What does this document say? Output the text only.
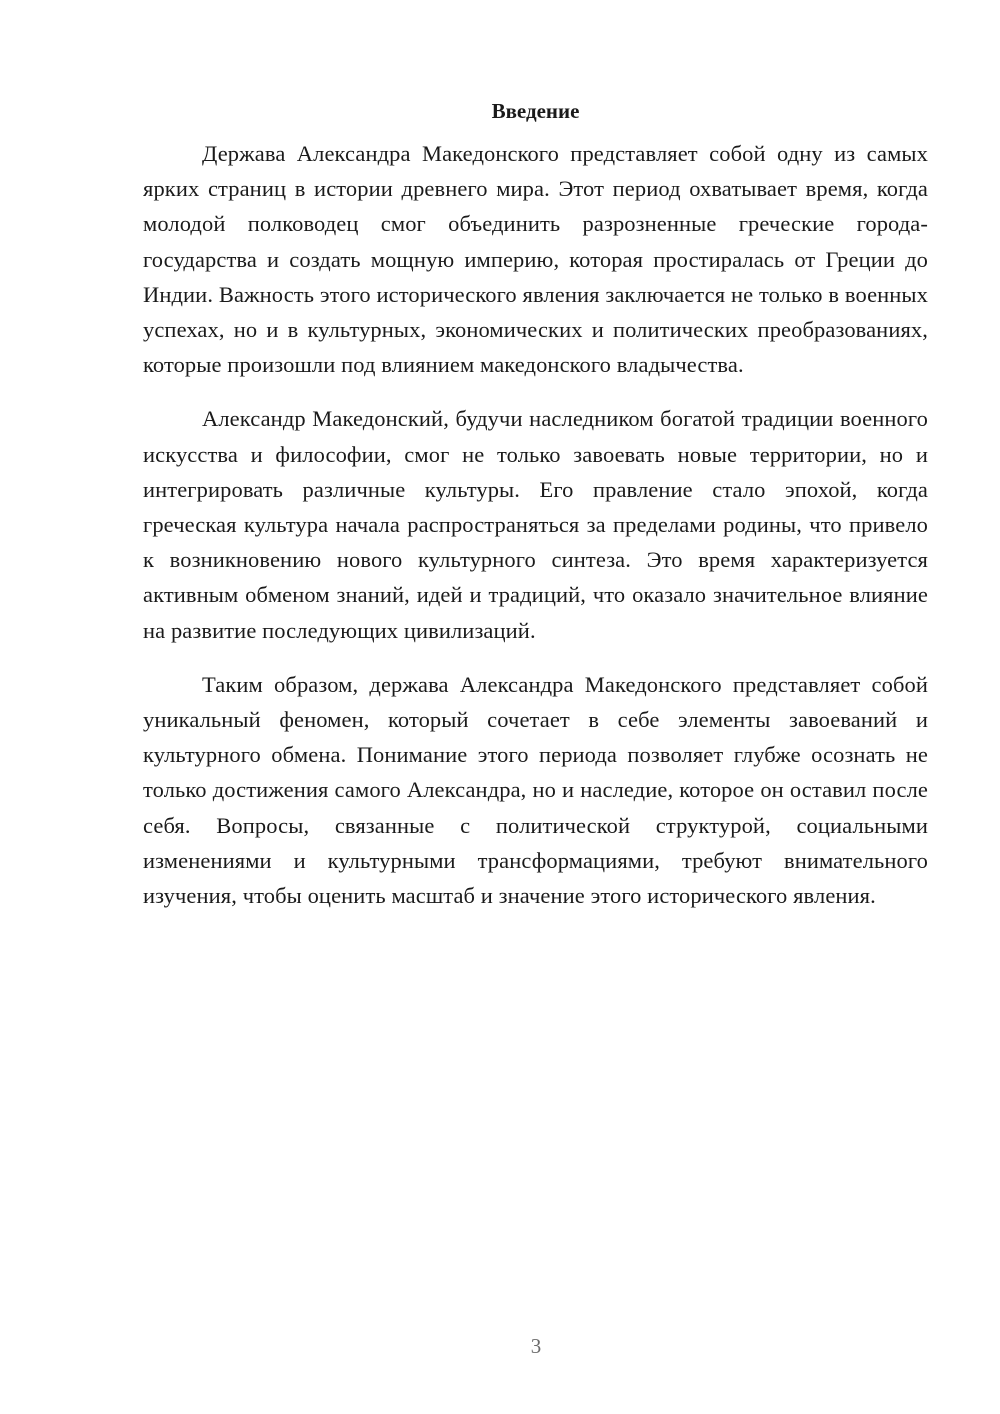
Введение

Держава Александра Македонского представляет собой одну из самых ярких страниц в истории древнего мира. Этот период охватывает время, когда молодой полководец смог объединить разрозненные греческие города-государства и создать мощную империю, которая простиралась от Греции до Индии. Важность этого исторического явления заключается не только в военных успехах, но и в культурных, экономических и политических преобразованиях, которые произошли под влиянием македонского владычества.

Александр Македонский, будучи наследником богатой традиции военного искусства и философии, смог не только завоевать новые территории, но и интегрировать различные культуры. Его правление стало эпохой, когда греческая культура начала распространяться за пределами родины, что привело к возникновению нового культурного синтеза. Это время характеризуется активным обменом знаний, идей и традиций, что оказало значительное влияние на развитие последующих цивилизаций.

Таким образом, держава Александра Македонского представляет собой уникальный феномен, который сочетает в себе элементы завоеваний и культурного обмена. Понимание этого периода позволяет глубже осознать не только достижения самого Александра, но и наследие, которое он оставил после себя. Вопросы, связанные с политической структурой, социальными изменениями и культурными трансформациями, требуют внимательного изучения, чтобы оценить масштаб и значение этого исторического явления.

3
